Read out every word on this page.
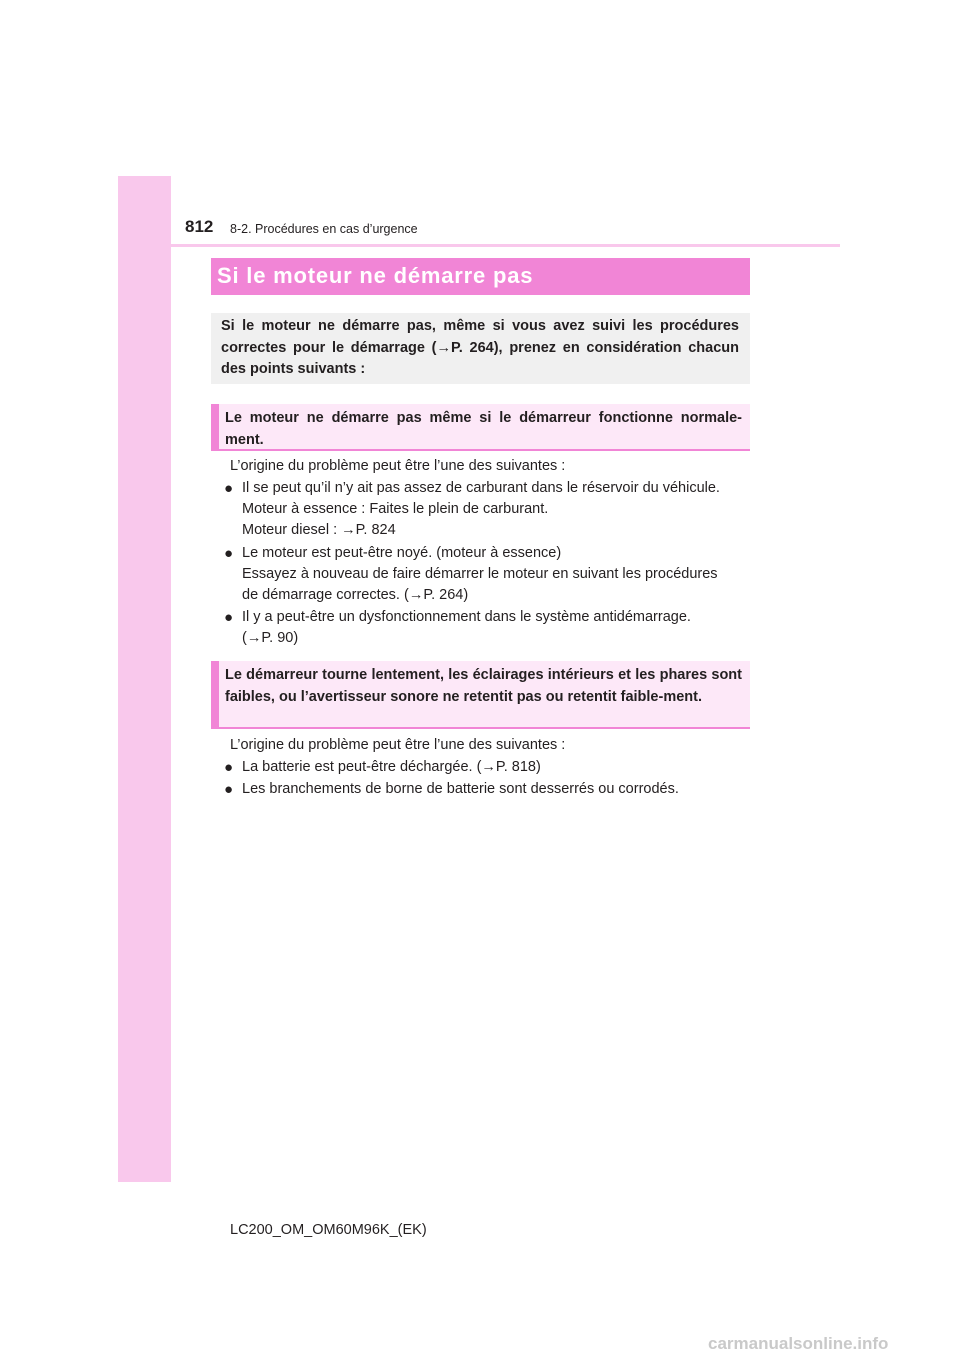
812 8-2. Procédures en cas d’urgence
Si le moteur ne démarre pas
Si le moteur ne démarre pas, même si vous avez suivi les procédures correctes pour le démarrage (→P. 264), prenez en considération chacun des points suivants :
Le moteur ne démarre pas même si le démarreur fonctionne normale-ment.
L’origine du problème peut être l’une des suivantes :
● Il se peut qu’il n’y ait pas assez de carburant dans le réservoir du véhicule.
Moteur à essence : Faites le plein de carburant.
Moteur diesel : →P. 824
● Le moteur est peut-être noyé. (moteur à essence)
Essayez à nouveau de faire démarrer le moteur en suivant les procédures
de démarrage correctes. (→P. 264)
● Il y a peut-être un dysfonctionnement dans le système antidémarrage.
(→P. 90)
Le démarreur tourne lentement, les éclairages intérieurs et les phares sont faibles, ou l’avertisseur sonore ne retentit pas ou retentit faible-ment.
L’origine du problème peut être l’une des suivantes :
● La batterie est peut-être déchargée. (→P. 818)
● Les branchements de borne de batterie sont desserrés ou corrodés.
LC200_OM_OM60M96K_(EK)
carmanualsonline.info
